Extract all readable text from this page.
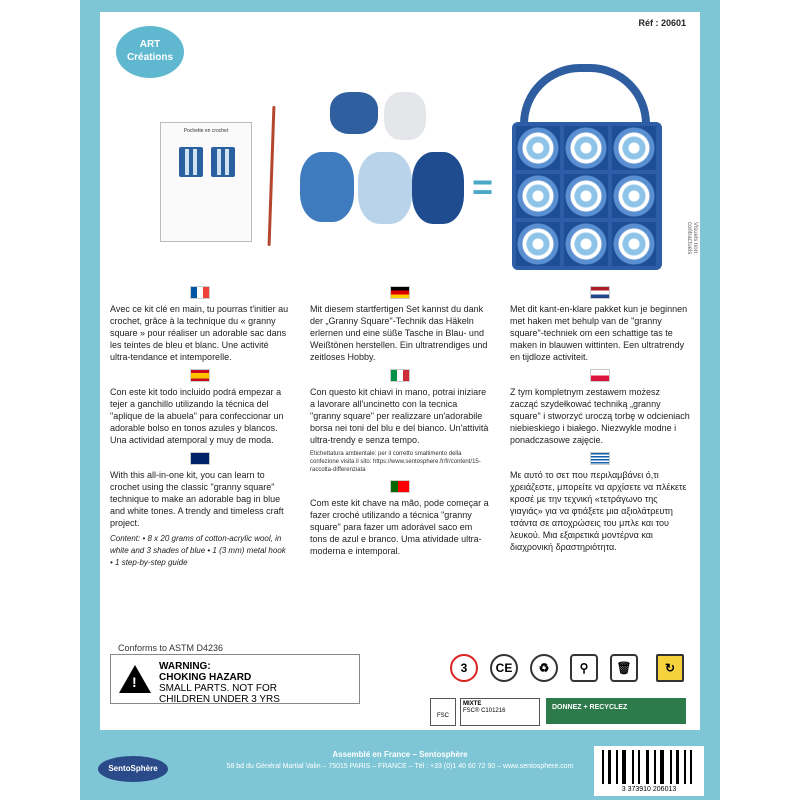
Réf : 20601
ART
Créations
Pochette en crochet
=
Visuels non contractuels
Avec ce kit clé en main, tu pourras t'initier au crochet, grâce à la technique du « granny square » pour réaliser un adorable sac dans les teintes de bleu et blanc. Une activité ultra-tendance et intemporelle.
Con este kit todo incluido podrá empezar a tejer a ganchillo utilizando la técnica del "aplique de la abuela" para confeccionar un adorable bolso en tonos azules y blancos. Una actividad atemporal y muy de moda.
With this all-in-one kit, you can learn to crochet using the classic "granny square" technique to make an adorable bag in blue and white tones. A trendy and timeless craft project.
Content: • 8 x 20 grams of cotton-acrylic wool, in white and 3 shades of blue • 1 (3 mm) metal hook • 1 step-by-step guide
Mit diesem startfertigen Set kannst du dank der „Granny Square"-Technik das Häkeln erlernen und eine süße Tasche in Blau- und Weißtönen herstellen. Ein ultratrendiges und zeitloses Hobby.
Con questo kit chiavi in mano, potrai iniziare a lavorare all'uncinetto con la tecnica "granny square" per realizzare un'adorabile borsa nei toni del blu e del bianco. Un'attività ultra-trendy e senza tempo.
Etichettatura ambientale: per il corretto smaltimento della confezione visita il sito: https://www.sentosphere.fr/fr/content/15-raccolta-differenziata
Com este kit chave na mão, pode começar a fazer croché utilizando a técnica "granny square" para fazer um adorável saco em tons de azul e branco. Uma atividade ultra-moderna e intemporal.
Met dit kant-en-klare pakket kun je beginnen met haken met behulp van de "granny square"-techniek om een schattige tas te maken in blauwen wittinten. Een ultratrendy en tijdloze activiteit.
Z tym kompletnym zestawem możesz zacząć szydełkować techniką „granny square" i stworzyć uroczą torbę w odcieniach niebieskiego i białego. Niezwykle modne i ponadczasowe zajęcie.
Με αυτό το σετ που περιλαμβάνει ό,τι χρειάζεστε, μπορείτε να αρχίσετε να πλέκετε κροσέ με την τεχνική «τετράγωνο της γιαγιάς» για να φτιάξετε μια αξιολάτρευτη τσάντα σε αποχρώσεις του μπλε και του λευκού. Μια εξαιρετικά μοντέρνα και διαχρονική δραστηριότητα.
Conforms to ASTM D4236
!
WARNING:
CHOKING HAZARD
SMALL PARTS. NOT FOR
CHILDREN UNDER 3 YRS
3	CE	♻	⚲	🗑	↻
FSC
MIXTE
FSC® C101216	DONNEZ + RECYCLEZ
SentoSphère
Assemblé en France – Sentosphère
58 bd du Général Martial Valin – 75015 PARIS – FRANCE – Tél : +33 (0)1 40 60 72 90 – www.sentosphere.com
3 373910 206013
